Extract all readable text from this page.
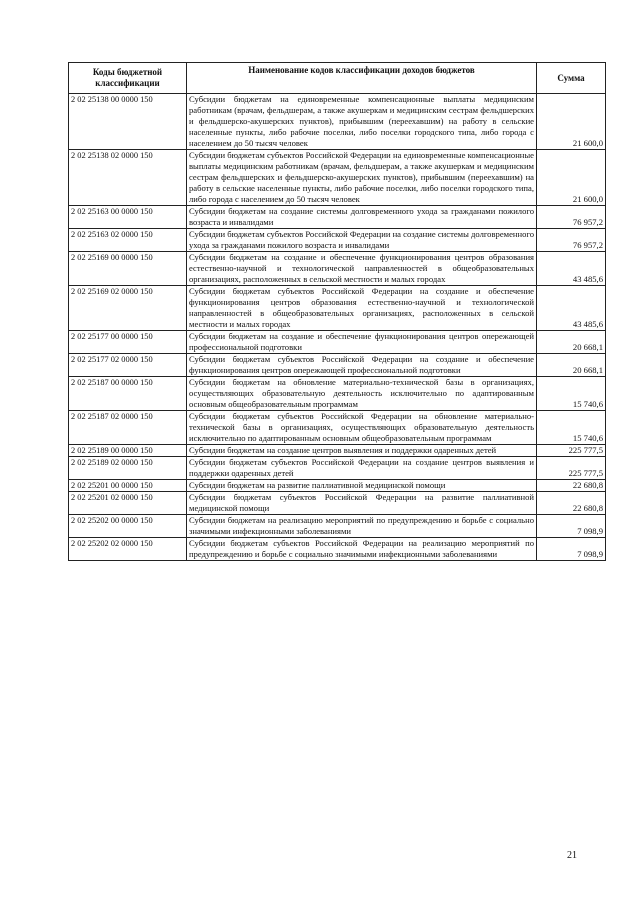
Коды бюджетной классификации	Наименование кодов классификации доходов бюджетов	Сумма
2 02 25138 00 0000 150	Субсидии бюджетам на единовременные компенсационные выплаты медицинским работникам (врачам, фельдшерам, а также акушеркам и медицинским сестрам фельдшерских и фельдшерско-акушерских пунктов), прибывшим (переехавшим) на работу в сельские населенные пункты, либо рабочие поселки, либо поселки городского типа, либо города с населением до 50 тысяч человек	21 600,0
2 02 25138 02 0000 150	Субсидии бюджетам субъектов Российской Федерации на единовременные компенсационные выплаты медицинским работникам (врачам, фельдшерам, а также акушеркам и медицинским сестрам фельдшерских и фельдшерско-акушерских пунктов), прибывшим (переехавшим) на работу в сельские населенные пункты, либо рабочие поселки, либо поселки городского типа, либо города с населением до 50 тысяч человек	21 600,0
2 02 25163 00 0000 150	Субсидии бюджетам на создание системы долговременного ухода за гражданами пожилого возраста и инвалидами	76 957,2
2 02 25163 02 0000 150	Субсидии бюджетам субъектов Российской Федерации на создание системы долговременного ухода за гражданами пожилого возраста и инвалидами	76 957,2
2 02 25169 00 0000 150	Субсидии бюджетам на создание и обеспечение функционирования центров образования естественно-научной и технологической направленностей в общеобразовательных организациях, расположенных в сельской местности и малых городах	43 485,6
2 02 25169 02 0000 150	Субсидии бюджетам субъектов Российской Федерации на создание и обеспечение функционирования центров образования естественно-научной и технологической направленностей в общеобразовательных организациях, расположенных в сельской местности и малых городах	43 485,6
2 02 25177 00 0000 150	Субсидии бюджетам на создание и обеспечение функционирования центров опережающей профессиональной подготовки	20 668,1
2 02 25177 02 0000 150	Субсидии бюджетам субъектов Российской Федерации на создание и обеспечение функционирования центров опережающей профессиональной подготовки	20 668,1
2 02 25187 00 0000 150	Субсидии бюджетам на обновление материально-технической базы в организациях, осуществляющих образовательную деятельность исключительно по адаптированным основным общеобразовательным программам	15 740,6
2 02 25187 02 0000 150	Субсидии бюджетам субъектов Российской Федерации на обновление материально-технической базы в организациях, осуществляющих образовательную деятельность исключительно по адаптированным основным общеобразовательным программам	15 740,6
2 02 25189 00 0000 150	Субсидии бюджетам на создание центров выявления и поддержки одаренных детей	225 777,5
2 02 25189 02 0000 150	Субсидии бюджетам субъектов Российской Федерации на создание центров выявления и поддержки одаренных детей	225 777,5
2 02 25201 00 0000 150	Субсидии бюджетам на развитие паллиативной медицинской помощи	22 680,8
2 02 25201 02 0000 150	Субсидии бюджетам субъектов Российской Федерации на развитие паллиативной медицинской помощи	22 680,8
2 02 25202 00 0000 150	Субсидии бюджетам на реализацию мероприятий по предупреждению и борьбе с социально значимыми инфекционными заболеваниями	7 098,9
2 02 25202 02 0000 150	Субсидии бюджетам субъектов Российской Федерации на реализацию мероприятий по предупреждению и борьбе с социально значимыми инфекционными заболеваниями	7 098,9
21
